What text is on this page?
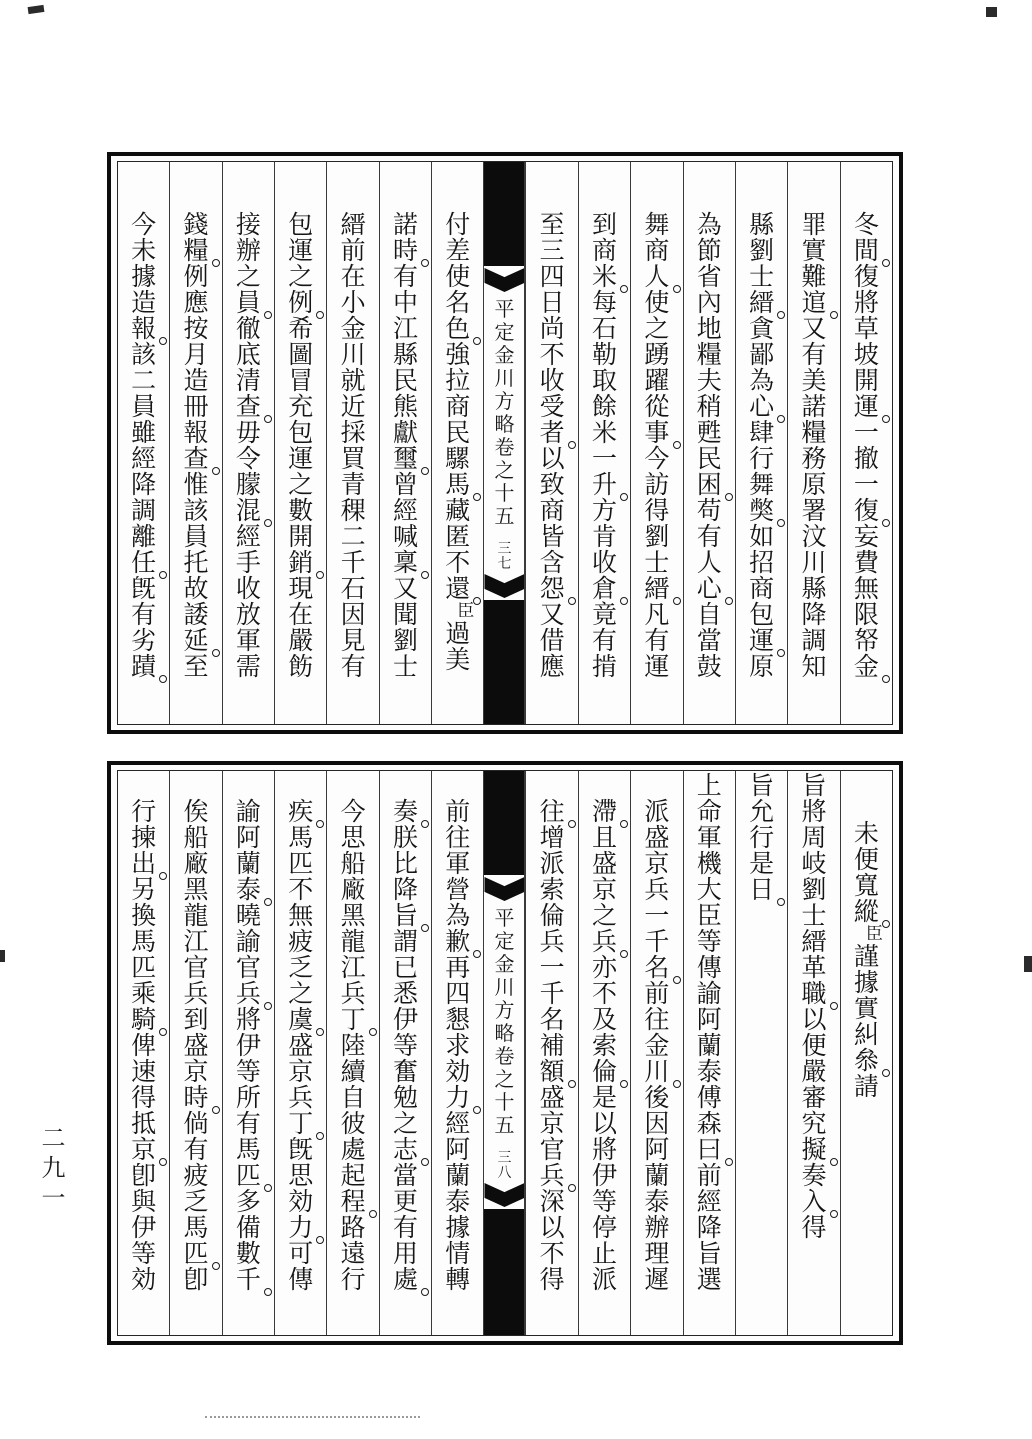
冬
間
復
將
草
坡
開
運
一
撤
一
復
妄
費
無
限
帑
金
罪
實
難
逭
又
有
美
諾
糧
務
原
署
汶
川
縣
降
調
知
縣
劉
士
縉
貪
鄙
為
心
肆
行
舞
獘
如
招
商
包
運
原
為
節
省
內
地
糧
夫
稍
甦
民
困
苟
有
人
心
自
當
鼓
舞
商
人
使
之
踴
躍
從
事
今
訪
得
劉
士
縉
凡
有
運
到
商
米
每
石
勒
取
餘
米
一
升
方
肯
收
倉
竟
有
掯
至
三
四
日
尚
不
收
受
者
以
致
商
皆
含
怨
又
借
應
平
定
金
川
方
略
卷
之
十
五
三
七
付
差
使
名
色
強
拉
商
民
騾
馬
藏
匿
不
還
臣
過
美
諾
時
有
中
江
縣
民
熊
獻
璽
曾
經
喊
稟
又
聞
劉
士
縉
前
在
小
金
川
就
近
採
買
青
稞
二
千
石
因
見
有
包
運
之
例
希
圖
冒
充
包
運
之
數
開
銷
現
在
嚴
飭
接
辦
之
員
徹
底
清
查
毋
令
朦
混
經
手
收
放
軍
需
錢
糧
例
應
按
月
造
冊
報
查
惟
該
員
托
故
諉
延
至
今
未
據
造
報
該
二
員
雖
經
降
調
離
任
旣
有
劣
蹟
未
便
寬
縱
臣
謹
據
實
糾
叅
請
旨
將
周
岐
劉
士
縉
革
職
以
便
嚴
審
究
擬
奏
入
得
旨
允
行
是
日
上
命
軍
機
大
臣
等
傳
諭
阿
蘭
泰
傅
森
曰
前
經
降
旨
選
派
盛
京
兵
一
千
名
前
往
金
川
後
因
阿
蘭
泰
辦
理
遲
滯
且
盛
京
之
兵
亦
不
及
索
倫
是
以
將
伊
等
停
止
派
往
增
派
索
倫
兵
一
千
名
補
額
盛
京
官
兵
深
以
不
得
平
定
金
川
方
略
卷
之
十
五
三
八
前
往
軍
營
為
歉
再
四
懇
求
効
力
經
阿
蘭
泰
據
情
轉
奏
朕
比
降
旨
謂
已
悉
伊
等
奮
勉
之
志
當
更
有
用
處
今
思
船
廠
黑
龍
江
兵
丁
陸
續
自
彼
處
起
程
路
遠
行
疾
馬
匹
不
無
疲
乏
之
虞
盛
京
兵
丁
旣
思
効
力
可
傳
諭
阿
蘭
泰
曉
諭
官
兵
將
伊
等
所
有
馬
匹
多
備
數
千
俟
船
廠
黑
龍
江
官
兵
到
盛
京
時
倘
有
疲
乏
馬
匹
卽
行
揀
出
另
換
馬
匹
乘
騎
俾
速
得
抵
京
卽
與
伊
等
効
二九一
